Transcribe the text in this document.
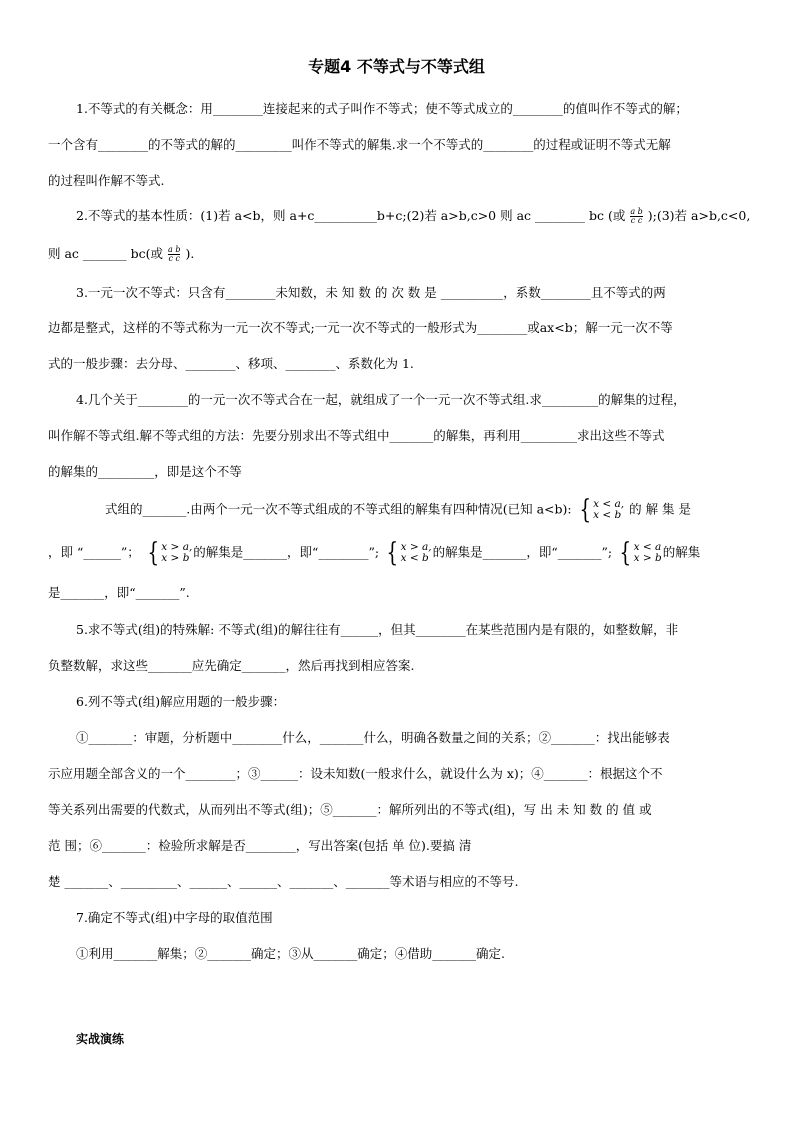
专题4 不等式与不等式组
1.不等式的有关概念：用________连接起来的式子叫作不等式；使不等式成立的________的值叫作不等式的解；
一个含有________的不等式的解的_________叫作不等式的解集.求一个不等式的________的过程或证明不等式无解
的过程叫作解不等式.
2.不等式的基本性质：(1)若 a<b，则 a+c__________b+c;(2)若 a>b,c>0 则 ac ________ bc (或 $\frac{\text{a b}}{\text{c c}}$ );(3)若 a>b,c<0,
则 ac _______ bc(或 $\frac{\text{a b}}{\text{c c}}$ ).
3.一元一次不等式：只含有________未知数，未 知 数 的 次 数 是 __________，系数________且不等式的两
边都是整式，这样的不等式称为一元一次不等式;一元一次不等式的一般形式为________或ax<b；解一元一次不等
式的一般步骤：去分母、________、移项、________、系数化为 1.
4.几个关于________的一元一次不等式合在一起，就组成了一个一元一次不等式组.求_________的解集的过程，
叫作解不等式组.解不等式组的方法：先要分别求出不等式组中_______的解集，再利用_________求出这些不等式
的解集的_________，即是这个不等
式组的_______.由两个一元一次不等式组成的不等式组的解集有四种情况(已知 a<b): { x < a,
x < b 的 解 集 是
，即 “______”； { x > a,
x > b 的解集是_______，即“________”; { x > a,
x < b 的解集是_______，即“_______”; { x < a
x > b 的解集
是_______，即“_______”.
5.求不等式(组)的特殊解: 不等式(组)的解往往有______，但其________在某些范围内是有限的，如整数解，非
负整数解，求这些_______应先确定_______，然后再找到相应答案.
6.列不等式(组)解应用题的一般步骤：
①_______：审题，分析题中________什么，_______什么，明确各数量之间的关系；②_______：找出能够表
示应用题全部含义的一个________；③______：设未知数(一般求什么，就设什么为 x)；④_______：根据这个不
等关系列出需要的代数式，从而列出不等式(组)；⑤_______：解所列出的不等式(组)，写 出 未 知 数 的 值 或
范 围；⑥_______：检验所求解是否________，写出答案(包括 单 位).要搞 清
楚 _______、_________、______、______、_______、_______等术语与相应的不等号.
7.确定不等式(组)中字母的取值范围
①利用_______解集；②_______确定；③从_______确定；④借助_______确定.
实战演练
